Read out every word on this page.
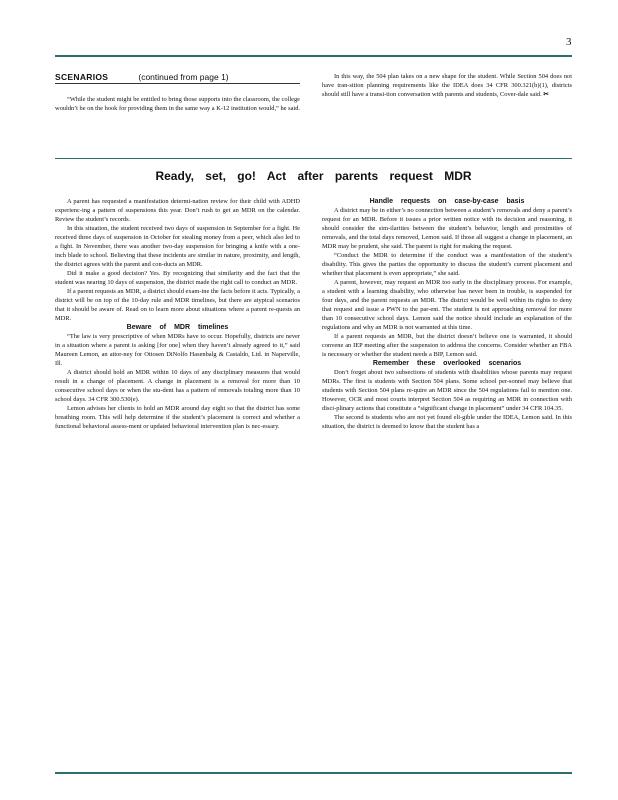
3
SCENARIOS	(continued from page 1)

“While the student might be entitled to bring those supports into the classroom, the college wouldn’t be on the hook for providing them in the same way a K-12 institution would,” he said.

In this way, the 504 plan takes on a new shape for the student. While Section 504 does not have tran-sition planning requirements like the IDEA does 34 CFR 300.321(b)(1), districts should still have a transi-tion conversation with parents and students, Cover-dale said. ✂

Ready, set, go! Act after parents request MDR

A parent has requested a manifestation determi-nation review for their child with ADHD experienc-ing a pattern of suspensions this year. Don’t rush to get an MDR on the calendar. Review the student’s records.

In this situation, the student received two days of suspension in September for a fight. He received three days of suspension in October for stealing money from a peer, which also led to a fight. In November, there was another two-day suspension for bringing a knife with a one-inch blade to school. Believing that these incidents are similar in nature, proximity, and length, the district agrees with the parent and con-ducts an MDR.

Did it make a good decision? Yes. By recognizing that similarity and the fact that the student was nearing 10 days of suspension, the district made the right call to conduct an MDR.

If a parent requests an MDR, a district should exam-ine the facts before it acts. Typically, a district will be on top of the 10-day rule and MDR timelines, but there are atypical scenarios that it should be aware of. Read on to learn more about situations where a parent re-quests an MDR.

Beware of MDR timelines

“The law is very prescriptive of when MDRs have to occur. Hopefully, districts are never in a situation where a parent is asking [for one] when they haven’t already agreed to it,” said Maureen Lemon, an attor-ney for Ottosen DiNolfo Hasenbalg & Castaldo, Ltd. in Naperville, Ill.

A district should hold an MDR within 10 days of any disciplinary measures that would result in a change of placement. A change in placement is a removal for more than 10 consecutive school days or when the stu-dent has a pattern of removals totaling more than 10 school days. 34 CFR 300.530(e).

Lemon advises her clients to hold an MDR around day eight so that the district has some breathing room. This will help determine if the student’s placement is correct and whether a functional behavioral assess-ment or updated behavioral intervention plan is nec-essary.

Handle requests on case-by-case basis

A district may be in either’s no connection between a student’s removals and deny a parent’s request for an MDR. Before it issues a prior written notice with its decision and reasoning, it should consider the sim-ilarities between the student’s behavior, length and proximities of removals, and the total days removed, Lemon said. If those all suggest a change in placement, an MDR may be prudent, she said. The parent is right for making the request.

“Conduct the MDR to determine if the conduct was a manifestation of the student’s disability. This gives the parties the opportunity to discuss the student’s current placement and whether that placement is even appropriate,” she said.

A parent, however, may request an MDR too early in the disciplinary process. For example, a student with a learning disability, who otherwise has never been in trouble, is suspended for four days, and the parent requests an MDR. The district would be well within its rights to deny that request and issue a PWN to the par-ent. The student is not approaching removal for more than 10 consecutive school days. Lemon said the notice should include an explanation of the regulations and why an MDR is not warranted at this time.

If a parent requests an MDR, but the district doesn’t believe one is warranted, it should convene an IEP meeting after the suspension to address the concerns. Consider whether an FBA is necessary or whether the student needs a BIP, Lemon said.

Remember these overlooked scenarios

Don’t forget about two subsections of students with disabilities whose parents may request MDRs. The first is students with Section 504 plans. Some school per-sonnel may believe that students with Section 504 plans re-quire an MDR since the 504 regulations fail to mention one. However, OCR and most courts interpret Section 504 as requiring an MDR in connection with disci-plinary actions that constitute a “significant change in placement” under 34 CFR 104.35.

The second is students who are not yet found eli-gible under the IDEA, Lemon said. In this situation, the district is deemed to know that the student has a
